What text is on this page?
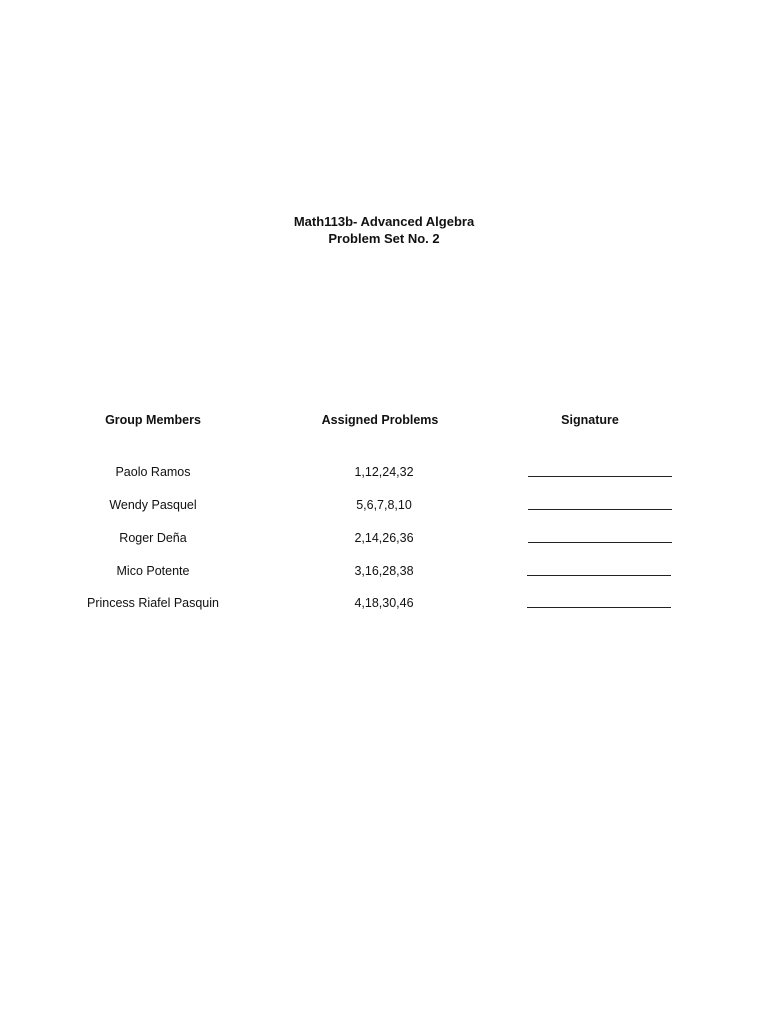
Math113b- Advanced Algebra
Problem Set No. 2
Group Members	Assigned Problems	Signature
Paolo Ramos	1,12,24,32
Wendy Pasquel	5,6,7,8,10
Roger Deña	2,14,26,36
Mico Potente	3,16,28,38
Princess Riafel Pasquin	4,18,30,46
